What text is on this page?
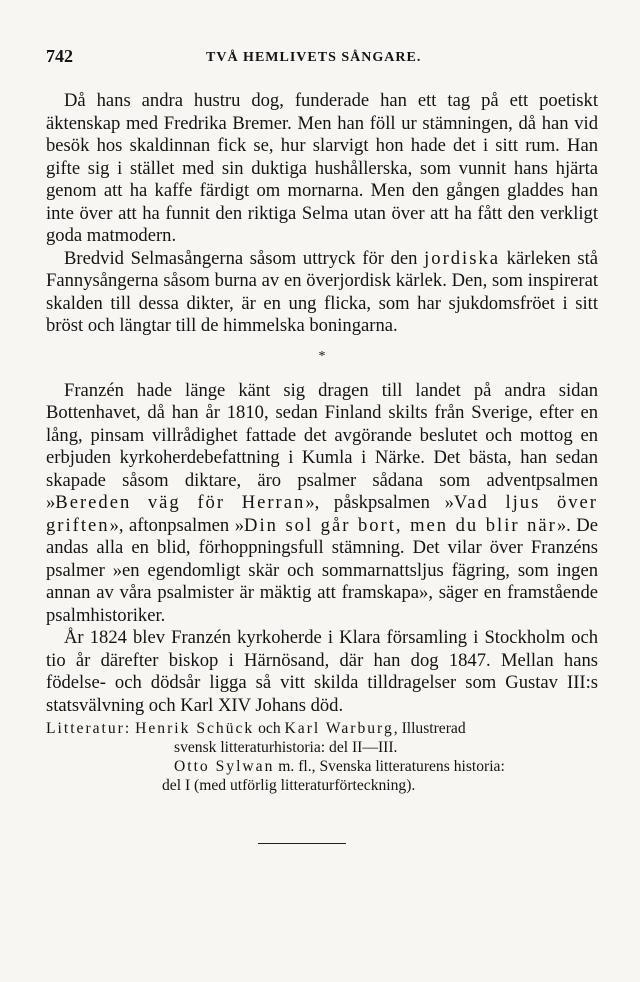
742	TVÅ HEMLIVETS SÅNGARE.

Då hans andra hustru dog, funderade han ett tag på ett poetiskt äktenskap med Fredrika Bremer. Men han föll ur stämningen, då han vid besök hos skaldinnan fick se, hur slarvigt hon hade det i sitt rum. Han gifte sig i stället med sin duktiga hushållerska, som vunnit hans hjärta genom att ha kaffe färdigt om mornarna. Men den gången gladdes han inte över att ha funnit den riktiga Selma utan över att ha fått den verkligt goda matmodern.

Bredvid Selmasångerna såsom uttryck för den jordiska kärleken stå Fannysångerna såsom burna av en överjordisk kärlek. Den, som inspirerat skalden till dessa dikter, är en ung flicka, som har sjukdomsfröet i sitt bröst och längtar till de himmelska boningarna.

*

Franzén hade länge känt sig dragen till landet på andra sidan Bottenhavet, då han år 1810, sedan Finland skilts från Sverige, efter en lång, pinsam villrådighet fattade det avgörande beslutet och mottog en erbjuden kyrkoherdebefattning i Kumla i Närke. Det bästa, han sedan skapade såsom diktare, äro psalmer sådana som adventpsalmen »Bereden väg för Herran», påskpsalmen »Vad ljus över griften», aftonpsalmen »Din sol går bort, men du blir när». De andas alla en blid, förhoppningsfull stämning. Det vilar över Franzéns psalmer »en egendomligt skär och sommarnattsljus fägring, som ingen annan av våra psalmister är mäktig att framskapa», säger en framstående psalmhistoriker.

År 1824 blev Franzén kyrkoherde i Klara församling i Stockholm och tio år därefter biskop i Härnösand, där han dog 1847. Mellan hans födelse- och dödsår ligga så vitt skilda tilldragelser som Gustav III:s statsvälvning och Karl XIV Johans död.

Litteratur: Henrik Schück och Karl Warburg, Illustrerad

svensk litteraturhistoria: del II—III.

Otto Sylwan m. fl., Svenska litteraturens historia:

del I (med utförlig litteraturförteckning).
